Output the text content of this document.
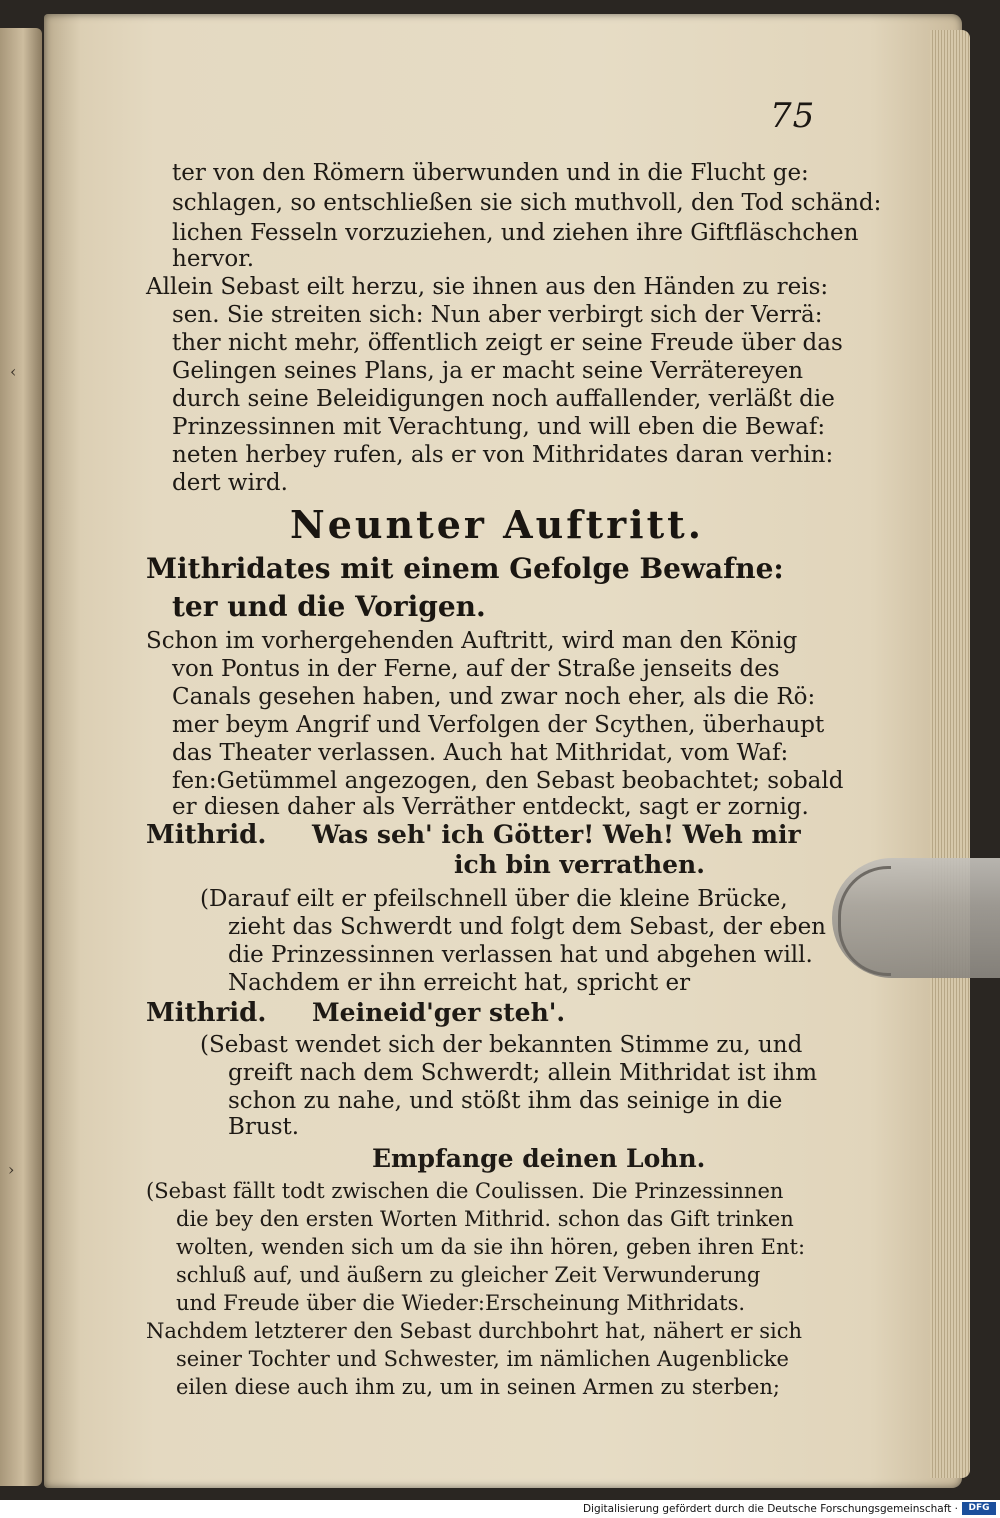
75
ter von den Römern überwunden und in die Flucht ge:
schlagen, so entschließen sie sich muthvoll, den Tod schänd:
lichen Fesseln vorzuziehen, und ziehen ihre Giftfläschchen
hervor.
Allein Sebast eilt herzu, sie ihnen aus den Händen zu reis:
sen. Sie streiten sich: Nun aber verbirgt sich der Verrä:
ther nicht mehr, öffentlich zeigt er seine Freude über das
Gelingen seines Plans, ja er macht seine Verrätereyen
durch seine Beleidigungen noch auffallender, verläßt die
Prinzessinnen mit Verachtung, und will eben die Bewaf:
neten herbey rufen, als er von Mithridates daran verhin:
dert wird.
Neunter Auftritt.
Mithridates mit einem Gefolge Bewafne:
ter und die Vorigen.
Schon im vorhergehenden Auftritt, wird man den König
von Pontus in der Ferne, auf der Straße jenseits des
Canals gesehen haben, und zwar noch eher, als die Rö:
mer beym Angrif und Verfolgen der Scythen, überhaupt
das Theater verlassen. Auch hat Mithridat, vom Waf:
fen:Getümmel angezogen, den Sebast beobachtet; sobald
er diesen daher als Verräther entdeckt, sagt er zornig.
Mithrid. Was seh' ich Götter! Weh! Weh mir
ich bin verrathen.
(Darauf eilt er pfeilschnell über die kleine Brücke,
zieht das Schwerdt und folgt dem Sebast, der eben
die Prinzessinnen verlassen hat und abgehen will.
Nachdem er ihn erreicht hat, spricht er
Mithrid. Meineid'ger steh'.
(Sebast wendet sich der bekannten Stimme zu, und
greift nach dem Schwerdt; allein Mithridat ist ihm
schon zu nahe, und stößt ihm das seinige in die
Brust.
Empfange deinen Lohn.
(Sebast fällt todt zwischen die Coulissen. Die Prinzessinnen
die bey den ersten Worten Mithrid. schon das Gift trinken
wolten, wenden sich um da sie ihn hören, geben ihren Ent:
schluß auf, und äußern zu gleicher Zeit Verwunderung
und Freude über die Wieder:Erscheinung Mithridats.
Nachdem letzterer den Sebast durchbohrt hat, nähert er sich
seiner Tochter und Schwester, im nämlichen Augenblicke
eilen diese auch ihm zu, um in seinen Armen zu sterben;
‹
›
Digitalisierung gefördert durch die Deutsche Forschungsgemeinschaft ·	DFG
